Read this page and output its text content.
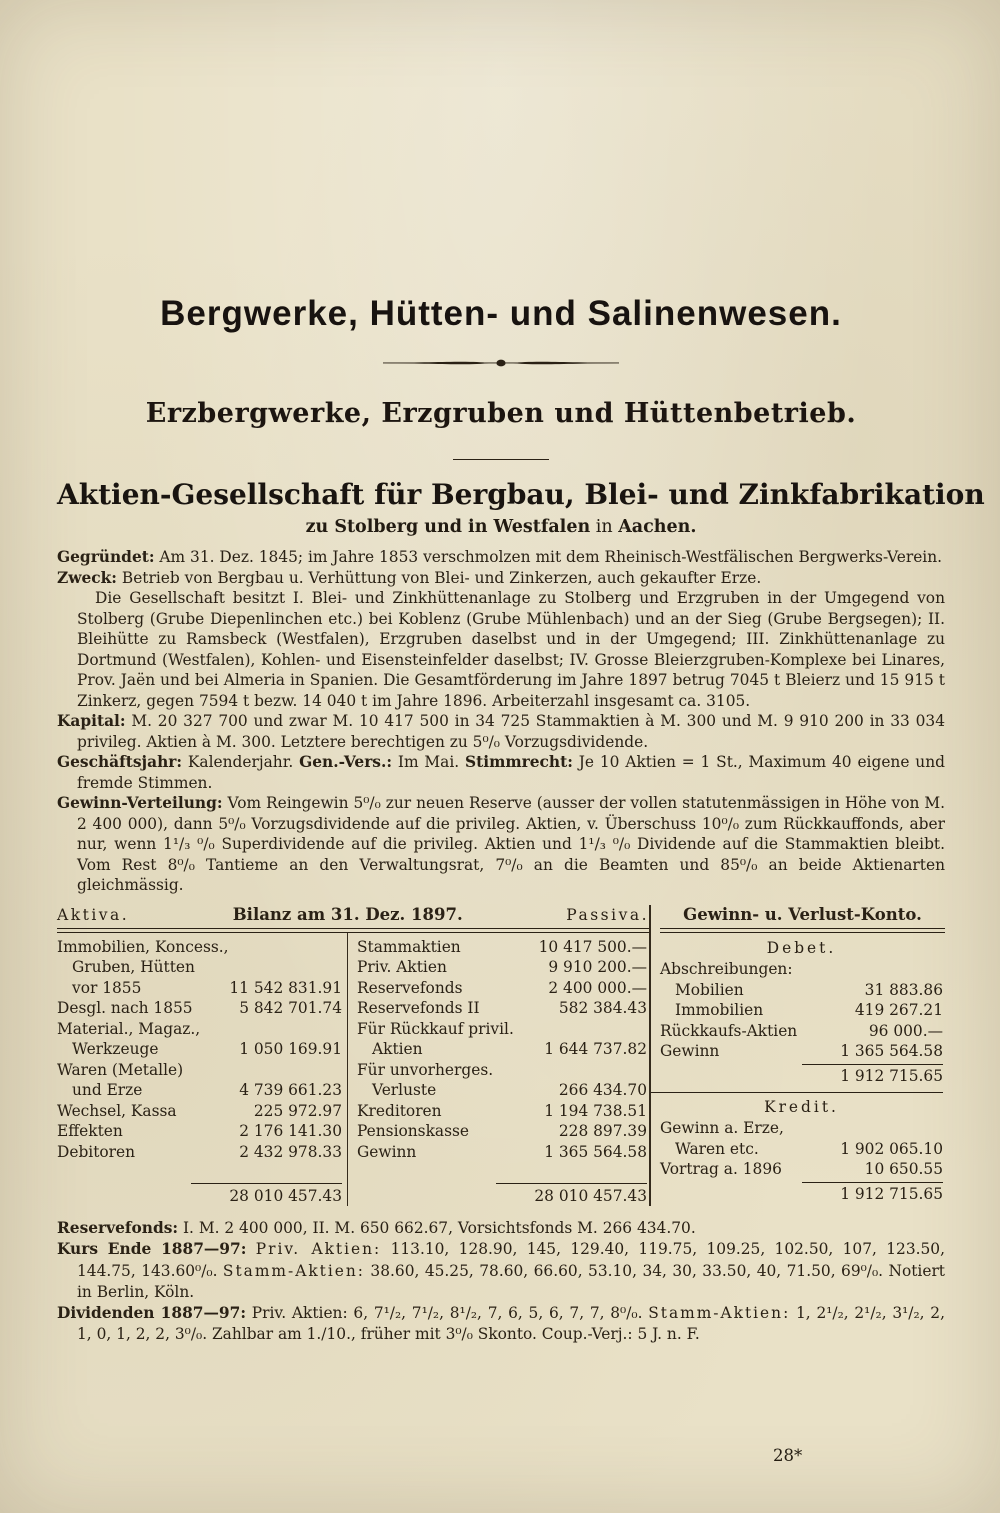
Bergwerke, Hütten- und Salinenwesen.
Erzbergwerke, Erzgruben und Hüttenbetrieb.
Aktien-Gesellschaft für Bergbau, Blei- und Zinkfabrikation
zu Stolberg und in Westfalen in Aachen.

Gegründet: Am 31. Dez. 1845; im Jahre 1853 verschmolzen mit dem Rheinisch-Westfälischen Bergwerks-Verein.

Zweck: Betrieb von Bergbau u. Verhüttung von Blei- und Zinkerzen, auch gekaufter Erze.

Die Gesellschaft besitzt I. Blei- und Zinkhüttenanlage zu Stolberg und Erzgruben in der Umgegend von Stolberg (Grube Diepenlinchen etc.) bei Koblenz (Grube Mühlenbach) und an der Sieg (Grube Bergsegen); II. Bleihütte zu Ramsbeck (Westfalen), Erzgruben daselbst und in der Umgegend; III. Zinkhüttenanlage zu Dortmund (Westfalen), Kohlen- und Eisensteinfelder daselbst; IV. Grosse Bleierzgruben-Komplexe bei Linares, Prov. Jaën und bei Almeria in Spanien. Die Gesamtförderung im Jahre 1897 betrug 7045 t Bleierz und 15 915 t Zinkerz, gegen 7594 t bezw. 14 040 t im Jahre 1896. Arbeiterzahl insgesamt ca. 3105.

Kapital: M. 20 327 700 und zwar M. 10 417 500 in 34 725 Stammaktien à M. 300 und M. 9 910 200 in 33 034 privileg. Aktien à M. 300. Letztere berechtigen zu 5⁰/₀ Vorzugsdividende.

Geschäftsjahr: Kalenderjahr. Gen.-Vers.: Im Mai. Stimmrecht: Je 10 Aktien = 1 St., Maximum 40 eigene und fremde Stimmen.

Gewinn-Verteilung: Vom Reingewin 5⁰/₀ zur neuen Reserve (ausser der vollen statutenmässigen in Höhe von M. 2 400 000), dann 5⁰/₀ Vorzugsdividende auf die privileg. Aktien, v. Überschuss 10⁰/₀ zum Rückkauffonds, aber nur, wenn 1¹/₃ ⁰/₀ Superdividende auf die privileg. Aktien und 1¹/₃ ⁰/₀ Dividende auf die Stammaktien bleibt. Vom Rest 8⁰/₀ Tantieme an den Verwaltungsrat, 7⁰/₀ an die Beamten und 85⁰/₀ an beide Aktienarten gleichmässig.

Aktiva.	Bilanz am 31. Dez. 1897.	Passiva.
Immobilien, Koncess.,
Gruben, Hütten
vor 1855	11 542 831.91
Desgl. nach 1855	5 842 701.74
Material., Magaz.,
Werkzeuge	1 050 169.91
Waren (Metalle)
und Erze	4 739 661.23
Wechsel, Kassa	225 972.97
Effekten	2 176 141.30
Debitoren	2 432 978.33
28 010 457.43
Stammaktien	10 417 500.—
Priv. Aktien	9 910 200.—
Reservefonds	2 400 000.—
Reservefonds II	582 384.43
Für Rückkauf privil.
Aktien	1 644 737.82
Für unvorherges.
Verluste	266 434.70
Kreditoren	1 194 738.51
Pensionskasse	228 897.39
Gewinn	1 365 564.58
28 010 457.43
Gewinn- u. Verlust-Konto.
Debet.
Abschreibungen:
Mobilien	31 883.86
Immobilien	419 267.21
Rückkaufs-Aktien	96 000.—
Gewinn	1 365 564.58
1 912 715.65
Kredit.
Gewinn a. Erze,
Waren etc.	1 902 065.10
Vortrag a. 1896	10 650.55
1 912 715.65

Reservefonds: I. M. 2 400 000, II. M. 650 662.67, Vorsichtsfonds M. 266 434.70.

Kurs Ende 1887—97: Priv. Aktien: 113.10, 128.90, 145, 129.40, 119.75, 109.25, 102.50, 107, 123.50, 144.75, 143.60⁰/₀. Stamm-Aktien: 38.60, 45.25, 78.60, 66.60, 53.10, 34, 30, 33.50, 40, 71.50, 69⁰/₀. Notiert in Berlin, Köln.

Dividenden 1887—97: Priv. Aktien: 6, 7¹/₂, 7¹/₂, 8¹/₂, 7, 6, 5, 6, 7, 7, 8⁰/₀. Stamm-Aktien: 1, 2¹/₂, 2¹/₂, 3¹/₂, 2, 1, 0, 1, 2, 2, 3⁰/₀. Zahlbar am 1./10., früher mit 3⁰/₀ Skonto. Coup.-Verj.: 5 J. n. F.

28*
